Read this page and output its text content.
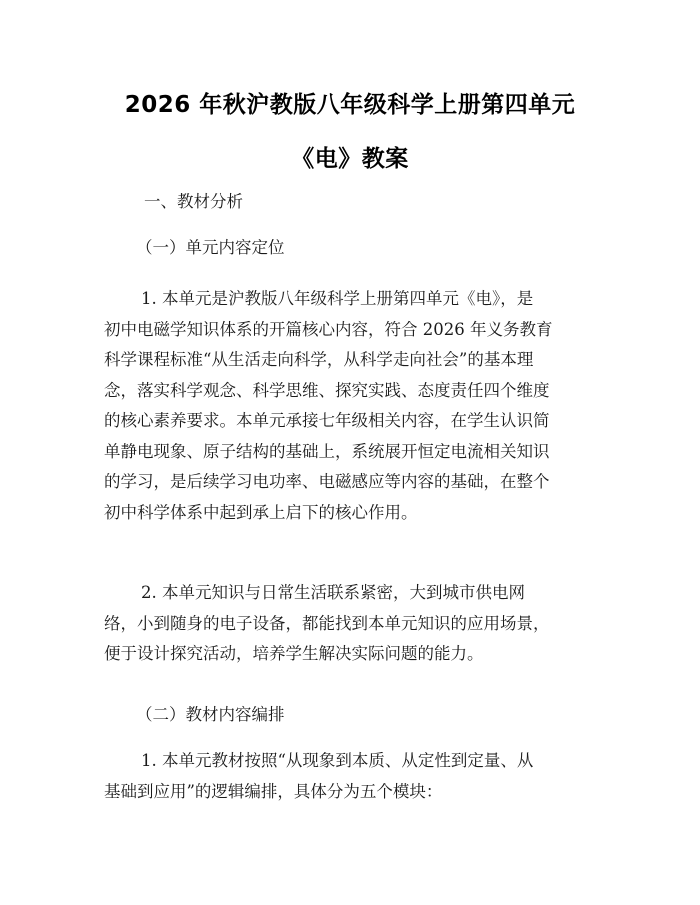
2026 年秋沪教版八年级科学上册第四单元
《电》教案
一、教材分析
（一）单元内容定位
1. 本单元是沪教版八年级科学上册第四单元《电》，是
初中电磁学知识体系的开篇核心内容，符合 2026 年义务教育
科学课程标准“从生活走向科学，从科学走向社会”的基本理
念，落实科学观念、科学思维、探究实践、态度责任四个维度
的核心素养要求。本单元承接七年级相关内容，在学生认识简
单静电现象、原子结构的基础上，系统展开恒定电流相关知识
的学习，是后续学习电功率、电磁感应等内容的基础，在整个
初中科学体系中起到承上启下的核心作用。
2. 本单元知识与日常生活联系紧密，大到城市供电网
络，小到随身的电子设备，都能找到本单元知识的应用场景，
便于设计探究活动，培养学生解决实际问题的能力。
（二）教材内容编排
1. 本单元教材按照“从现象到本质、从定性到定量、从
基础到应用”的逻辑编排，具体分为五个模块：
